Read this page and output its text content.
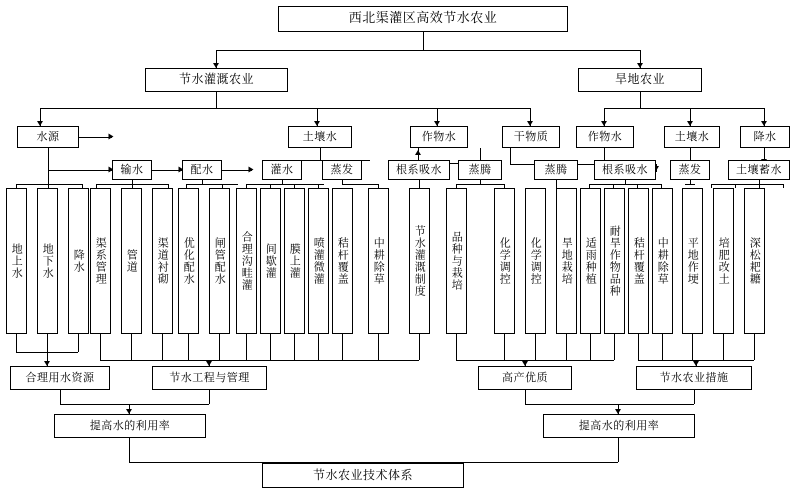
西北渠灌区高效节水农业
节水灌溉农业	旱地农业
水源	土壤水	作物水	干物质	作物水	土壤水	降水
输水	配水	灌水	蒸发	根系吸水	蒸腾	蒸腾	根系吸水	蒸发	土壤蓄水
地上水	地下水	降水 渠系管理	管道	渠道衬砌	优化配水	闸管配水	合理沟畦灌	间歇灌	膜上灌	喷灌微灌	秸杆覆盖	中耕除草	节水灌溉制度	品种与栽培	化学调控	化学调控	旱地栽培	适雨种植	耐旱作物品种	秸杆覆盖	中耕除草	平地作埂	培肥改土	深松耙耱
合理用水资源	节水工程与管理	高产优质	节水农业措施
提高水的利用率	提高水的利用率
节水农业技术体系
